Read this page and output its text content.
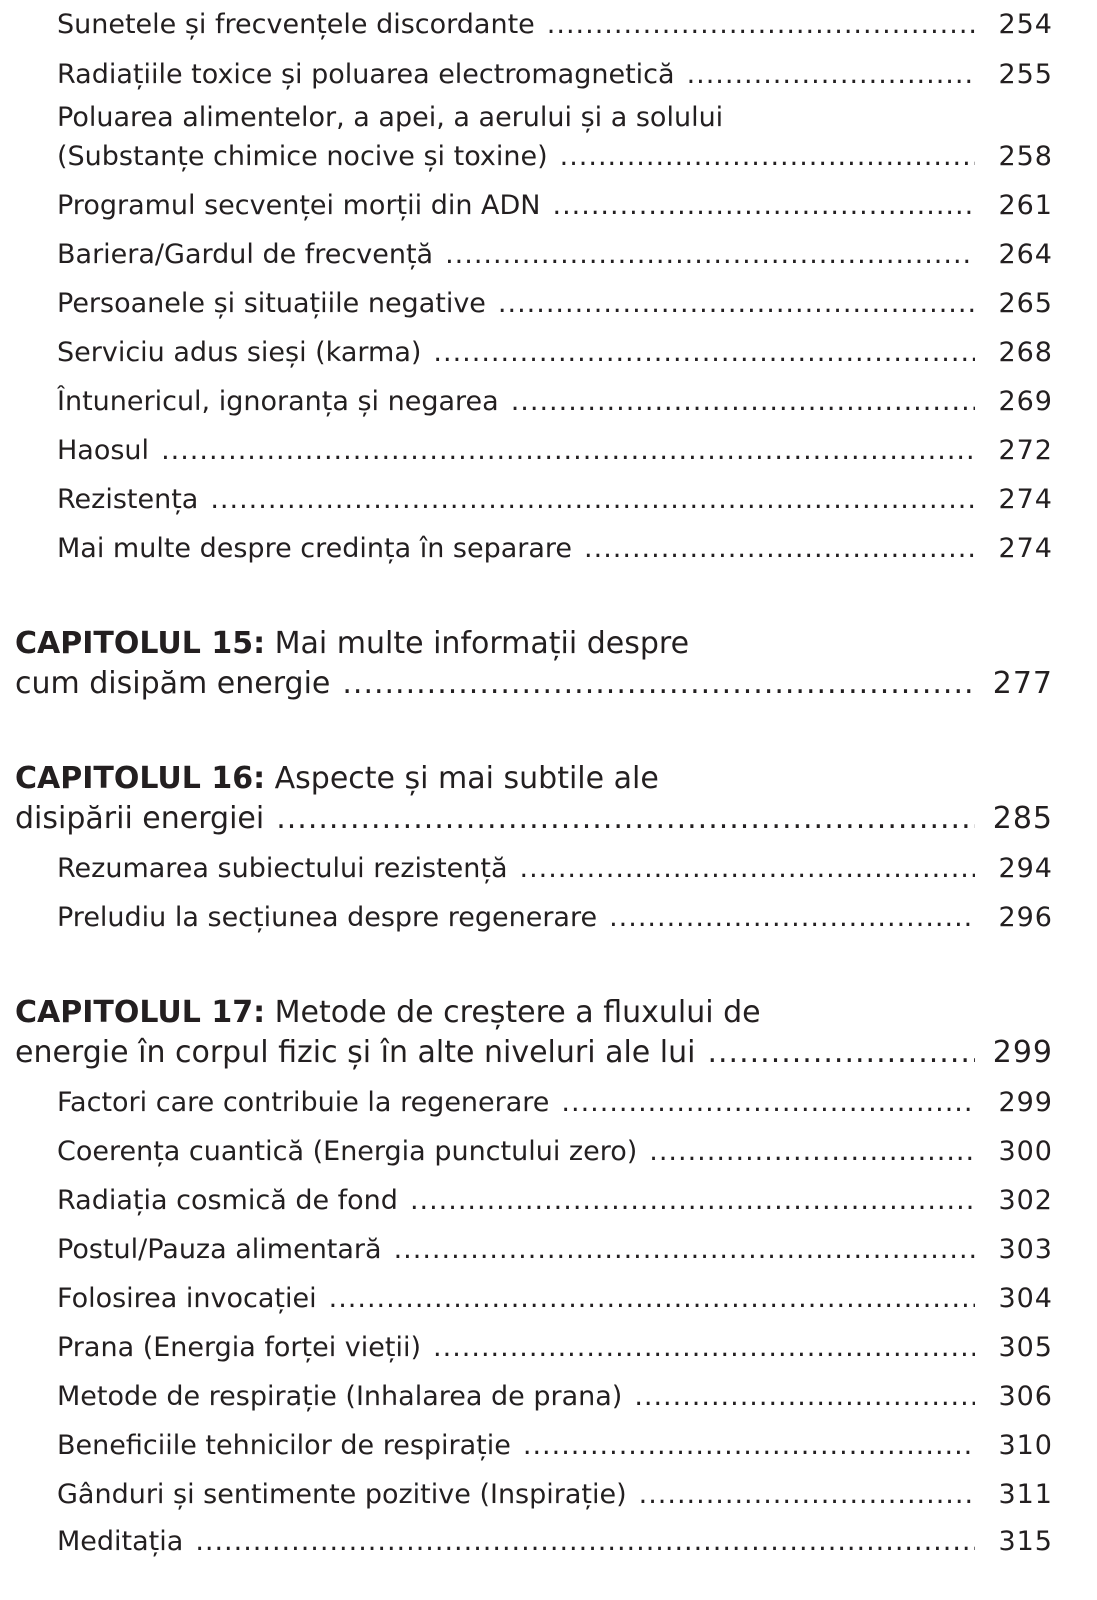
Sunetele și frecvențele discordante .....	254
Radiațiile toxice și poluarea electromagnetică .....	255
Poluarea alimentelor, a apei, a aerului și a solului
(Substanțe chimice nocive și toxine) .....	258
Programul secvenței morții din ADN .....	261
Bariera/Gardul de frecvență .....	264
Persoanele și situațiile negative .....	265
Serviciu adus sieși (karma) .....	268
Întunericul, ignoranța și negarea .....	269
Haosul .....	272
Rezistența .....	274
Mai multe despre credința în separare .....	274
CAPITOLUL 15: Mai multe informații despre
cum disipăm energie .....	277
CAPITOLUL 16: Aspecte și mai subtile ale
disipării energiei .....	285
Rezumarea subiectului rezistență .....	294
Preludiu la secțiunea despre regenerare .....	296
CAPITOLUL 17: Metode de creștere a fluxului de
energie în corpul fizic și în alte niveluri ale lui .....	299
Factori care contribuie la regenerare .....	299
Coerența cuantică (Energia punctului zero) .....	300
Radiația cosmică de fond .....	302
Postul/Pauza alimentară .....	303
Folosirea invocației .....	304
Prana (Energia forței vieții) .....	305
Metode de respirație (Inhalarea de prana) .....	306
Beneficiile tehnicilor de respirație .....	310
Gânduri și sentimente pozitive (Inspirație) .....	311
Meditația .....	315
